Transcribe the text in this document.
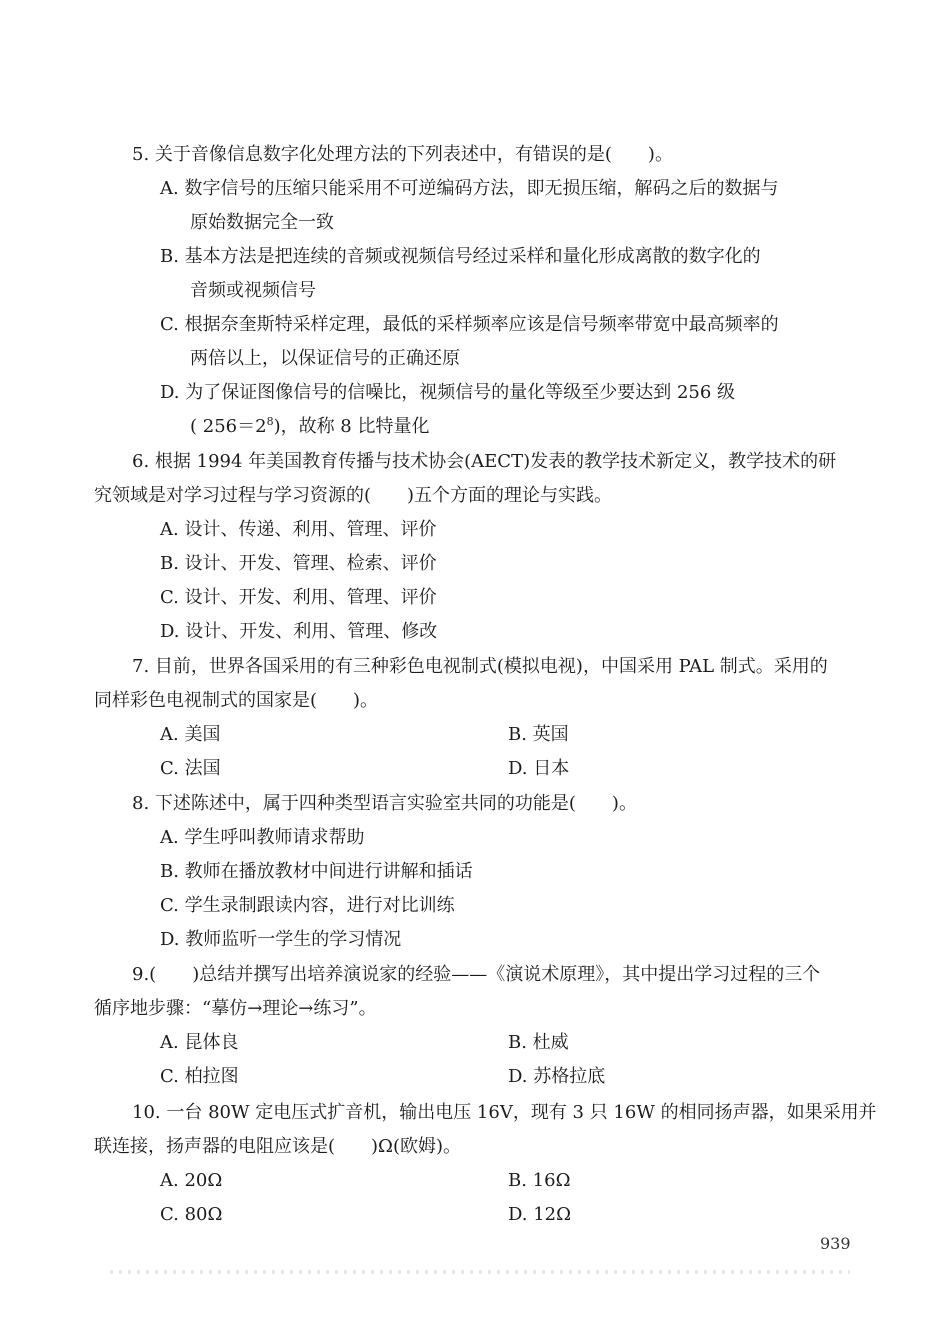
5. 关于音像信息数字化处理方法的下列表述中，有错误的是(　　)。
A. 数字信号的压缩只能采用不可逆编码方法，即无损压缩，解码之后的数据与
原始数据完全一致
B. 基本方法是把连续的音频或视频信号经过采样和量化形成离散的数字化的
音频或视频信号
C. 根据奈奎斯特采样定理，最低的采样频率应该是信号频率带宽中最高频率的
两倍以上，以保证信号的正确还原
D. 为了保证图像信号的信噪比，视频信号的量化等级至少要达到 256 级
( $256=2^8$)，故称 8 比特量化
6. 根据 1994 年美国教育传播与技术协会(AECT)发表的教学技术新定义，教学技术的研
究领域是对学习过程与学习资源的(　　)五个方面的理论与实践。
A. 设计、传递、利用、管理、评价
B. 设计、开发、管理、检索、评价
C. 设计、开发、利用、管理、评价
D. 设计、开发、利用、管理、修改
7. 目前，世界各国采用的有三种彩色电视制式(模拟电视)，中国采用 PAL 制式。采用的
同样彩色电视制式的国家是(　　)。
A. 美国	B. 英国
C. 法国	D. 日本
8. 下述陈述中，属于四种类型语言实验室共同的功能是(　　)。
A. 学生呼叫教师请求帮助
B. 教师在播放教材中间进行讲解和插话
C. 学生录制跟读内容，进行对比训练
D. 教师监听一学生的学习情况
9.(　　)总结并撰写出培养演说家的经验——《演说术原理》，其中提出学习过程的三个
循序地步骤：“摹仿→理论→练习”。
A. 昆体良	B. 杜威
C. 柏拉图	D. 苏格拉底
10. 一台 80W 定电压式扩音机，输出电压 16V，现有 3 只 16W 的相同扬声器，如果采用并
联连接，扬声器的电阻应该是(　　)Ω(欧姆)。
A. 20Ω	B. 16Ω
C. 80Ω	D. 12Ω
939
